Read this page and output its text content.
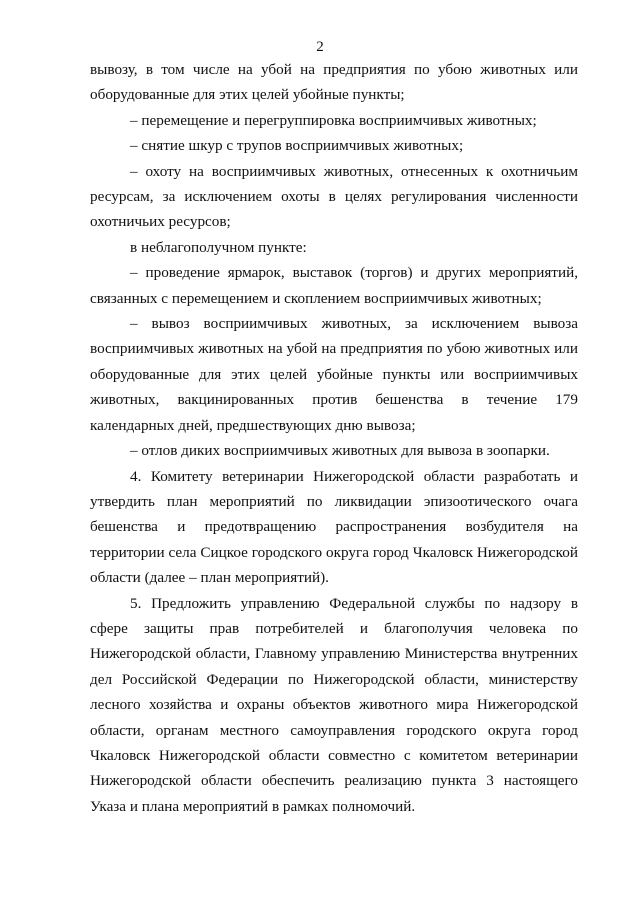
2

вывозу, в том числе на убой на предприятия по убою животных или оборудованные для этих целей убойные пункты;

– перемещение и перегруппировка восприимчивых животных;

– снятие шкур с трупов восприимчивых животных;

– охоту на восприимчивых животных, отнесенных к охотничьим ресурсам, за исключением охоты в целях регулирования численности охотничьих ресурсов;

в неблагополучном пункте:

– проведение ярмарок, выставок (торгов) и других мероприятий, связанных с перемещением и скоплением восприимчивых животных;

– вывоз восприимчивых животных, за исключением вывоза восприимчивых животных на убой на предприятия по убою животных или оборудованные для этих целей убойные пункты или восприимчивых животных, вакцинированных против бешенства в течение 179 календарных дней, предшествующих дню вывоза;

– отлов диких восприимчивых животных для вывоза в зоопарки.

4. Комитету ветеринарии Нижегородской области разработать и утвердить план мероприятий по ликвидации эпизоотического очага бешенства и предотвращению распространения возбудителя на территории села Сицкое городского округа город Чкаловск Нижегородской области (далее – план мероприятий).

5. Предложить управлению Федеральной службы по надзору в сфере защиты прав потребителей и благополучия человека по Нижегородской области, Главному управлению Министерства внутренних дел Российской Федерации по Нижегородской области, министерству лесного хозяйства и охраны объектов животного мира Нижегородской области, органам местного самоуправления городского округа город Чкаловск Нижегородской области совместно с комитетом ветеринарии Нижегородской области обеспечить реализацию пункта 3 настоящего Указа и плана мероприятий в рамках полномочий.
